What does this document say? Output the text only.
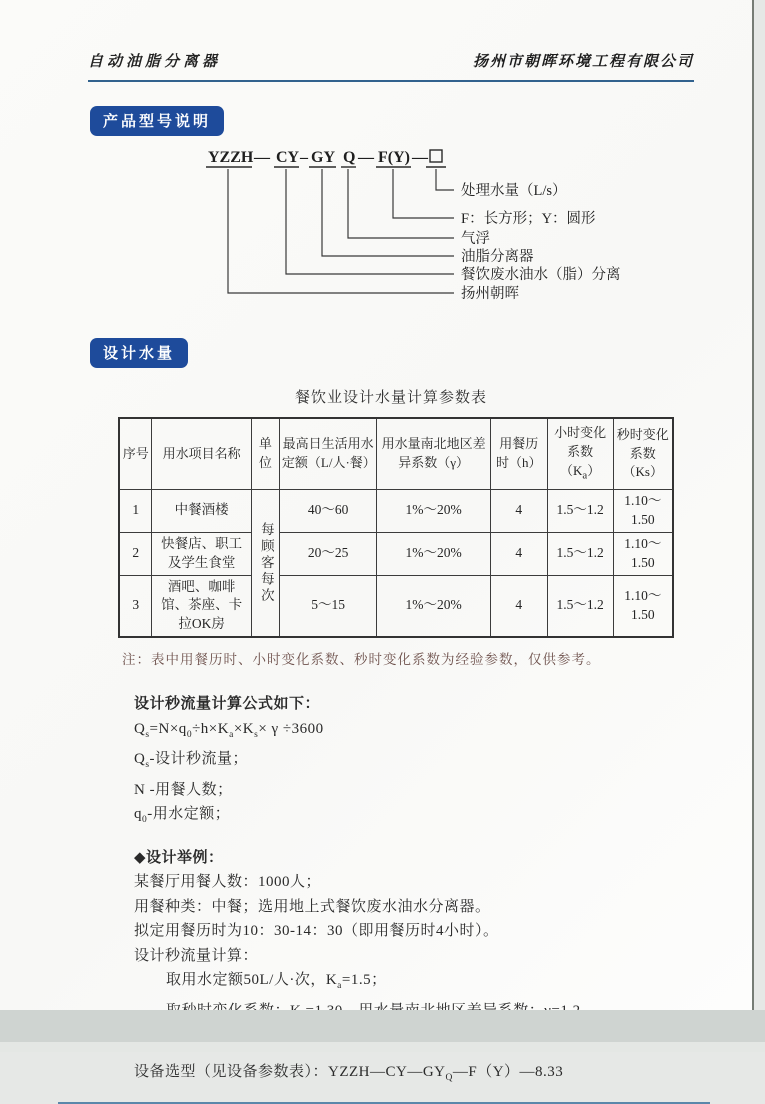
自动油脂分离器	扬州市朝晖环境工程有限公司
产品型号说明
YZZH — CY – GY Q — F(Y) —
处理水量（L/s）
F：长方形；Y：圆形
气浮
油脂分离器
餐饮废水油水（脂）分离
扬州朝晖
设计水量
餐饮业设计水量计算参数表
序号	用水项目名称	单位	最高日生活用水定额（L/人·餐）	用水量南北地区差异系数（γ）	用餐历时（h）	小时变化系数$(K_a)$	秒时变化系数（Ks）
1	中餐酒楼	每顾客每次	40～60	1%～20%	4	1.5～1.2	1.10～1.50
2	快餐店、职工及学生食堂		20～25	1%～20%	4	1.5～1.2	1.10～1.50
3	酒吧、咖啡馆、茶座、卡拉OK房		5～15	1%～20%	4	1.5～1.2	1.10～1.50
注：表中用餐历时、小时变化系数、秒时变化系数为经验参数，仅供参考。
设计秒流量计算公式如下：
$Q_s=N\times q_0\div h\times K_a\times K_s\times \gamma \div 3600$
$Q_s-$设计秒流量；
N -用餐人数；
$q_0-$用水定额；
◆设计举例：
某餐厅用餐人数：1000人；
用餐种类：中餐；选用地上式餐饮废水油水分离器。
拟定用餐历时为10：30-14：30（即用餐历时4小时）。
设计秒流量计算：
取用水定额50L/人·次，$K_a=1.5$；
设备选型（见设备参数表）：$YZZH—CY—GY_Q—F(Y)—8.33$
